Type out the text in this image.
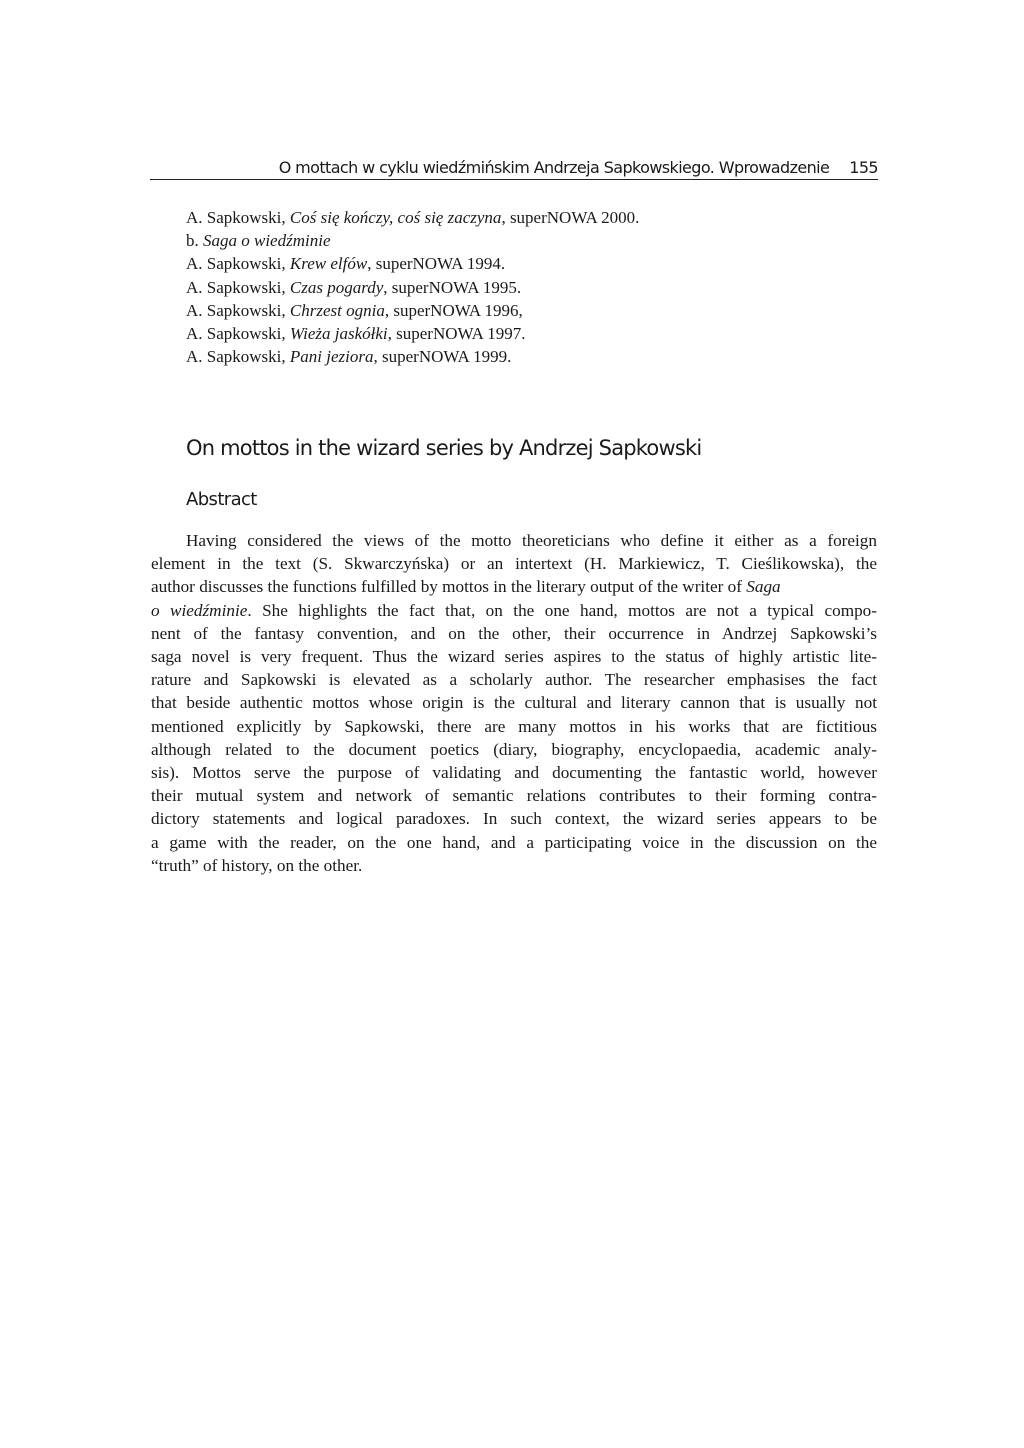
O mottach w cyklu wiedźmińskim Andrzeja Sapkowskiego. Wprowadzenie 155
A. Sapkowski, Coś się kończy, coś się zaczyna, superNOWA 2000.
b. Saga o wiedźminie
A. Sapkowski, Krew elfów, superNOWA 1994.
A. Sapkowski, Czas pogardy, superNOWA 1995.
A. Sapkowski, Chrzest ognia, superNOWA 1996,
A. Sapkowski, Wieża jaskółki, superNOWA 1997.
A. Sapkowski, Pani jeziora, superNOWA 1999.
On mottos in the wizard series by Andrzej Sapkowski
Abstract
Having considered the views of the motto theoreticians who define it either as a foreign
element in the text (S. Skwarczyńska) or an intertext (H. Markiewicz, T. Cieślikowska), the
author discusses the functions fulfilled by mottos in the literary output of the writer of Saga
o wiedźminie. She highlights the fact that, on the one hand, mottos are not a typical compo-
nent of the fantasy convention, and on the other, their occurrence in Andrzej Sapkowski’s
saga novel is very frequent. Thus the wizard series aspires to the status of highly artistic lite-
rature and Sapkowski is elevated as a scholarly author. The researcher emphasises the fact
that beside authentic mottos whose origin is the cultural and literary cannon that is usually not
mentioned explicitly by Sapkowski, there are many mottos in his works that are fictitious
although related to the document poetics (diary, biography, encyclopaedia, academic analy-
sis). Mottos serve the purpose of validating and documenting the fantastic world, however
their mutual system and network of semantic relations contributes to their forming contra-
dictory statements and logical paradoxes. In such context, the wizard series appears to be
a game with the reader, on the one hand, and a participating voice in the discussion on the
“truth” of history, on the other.
